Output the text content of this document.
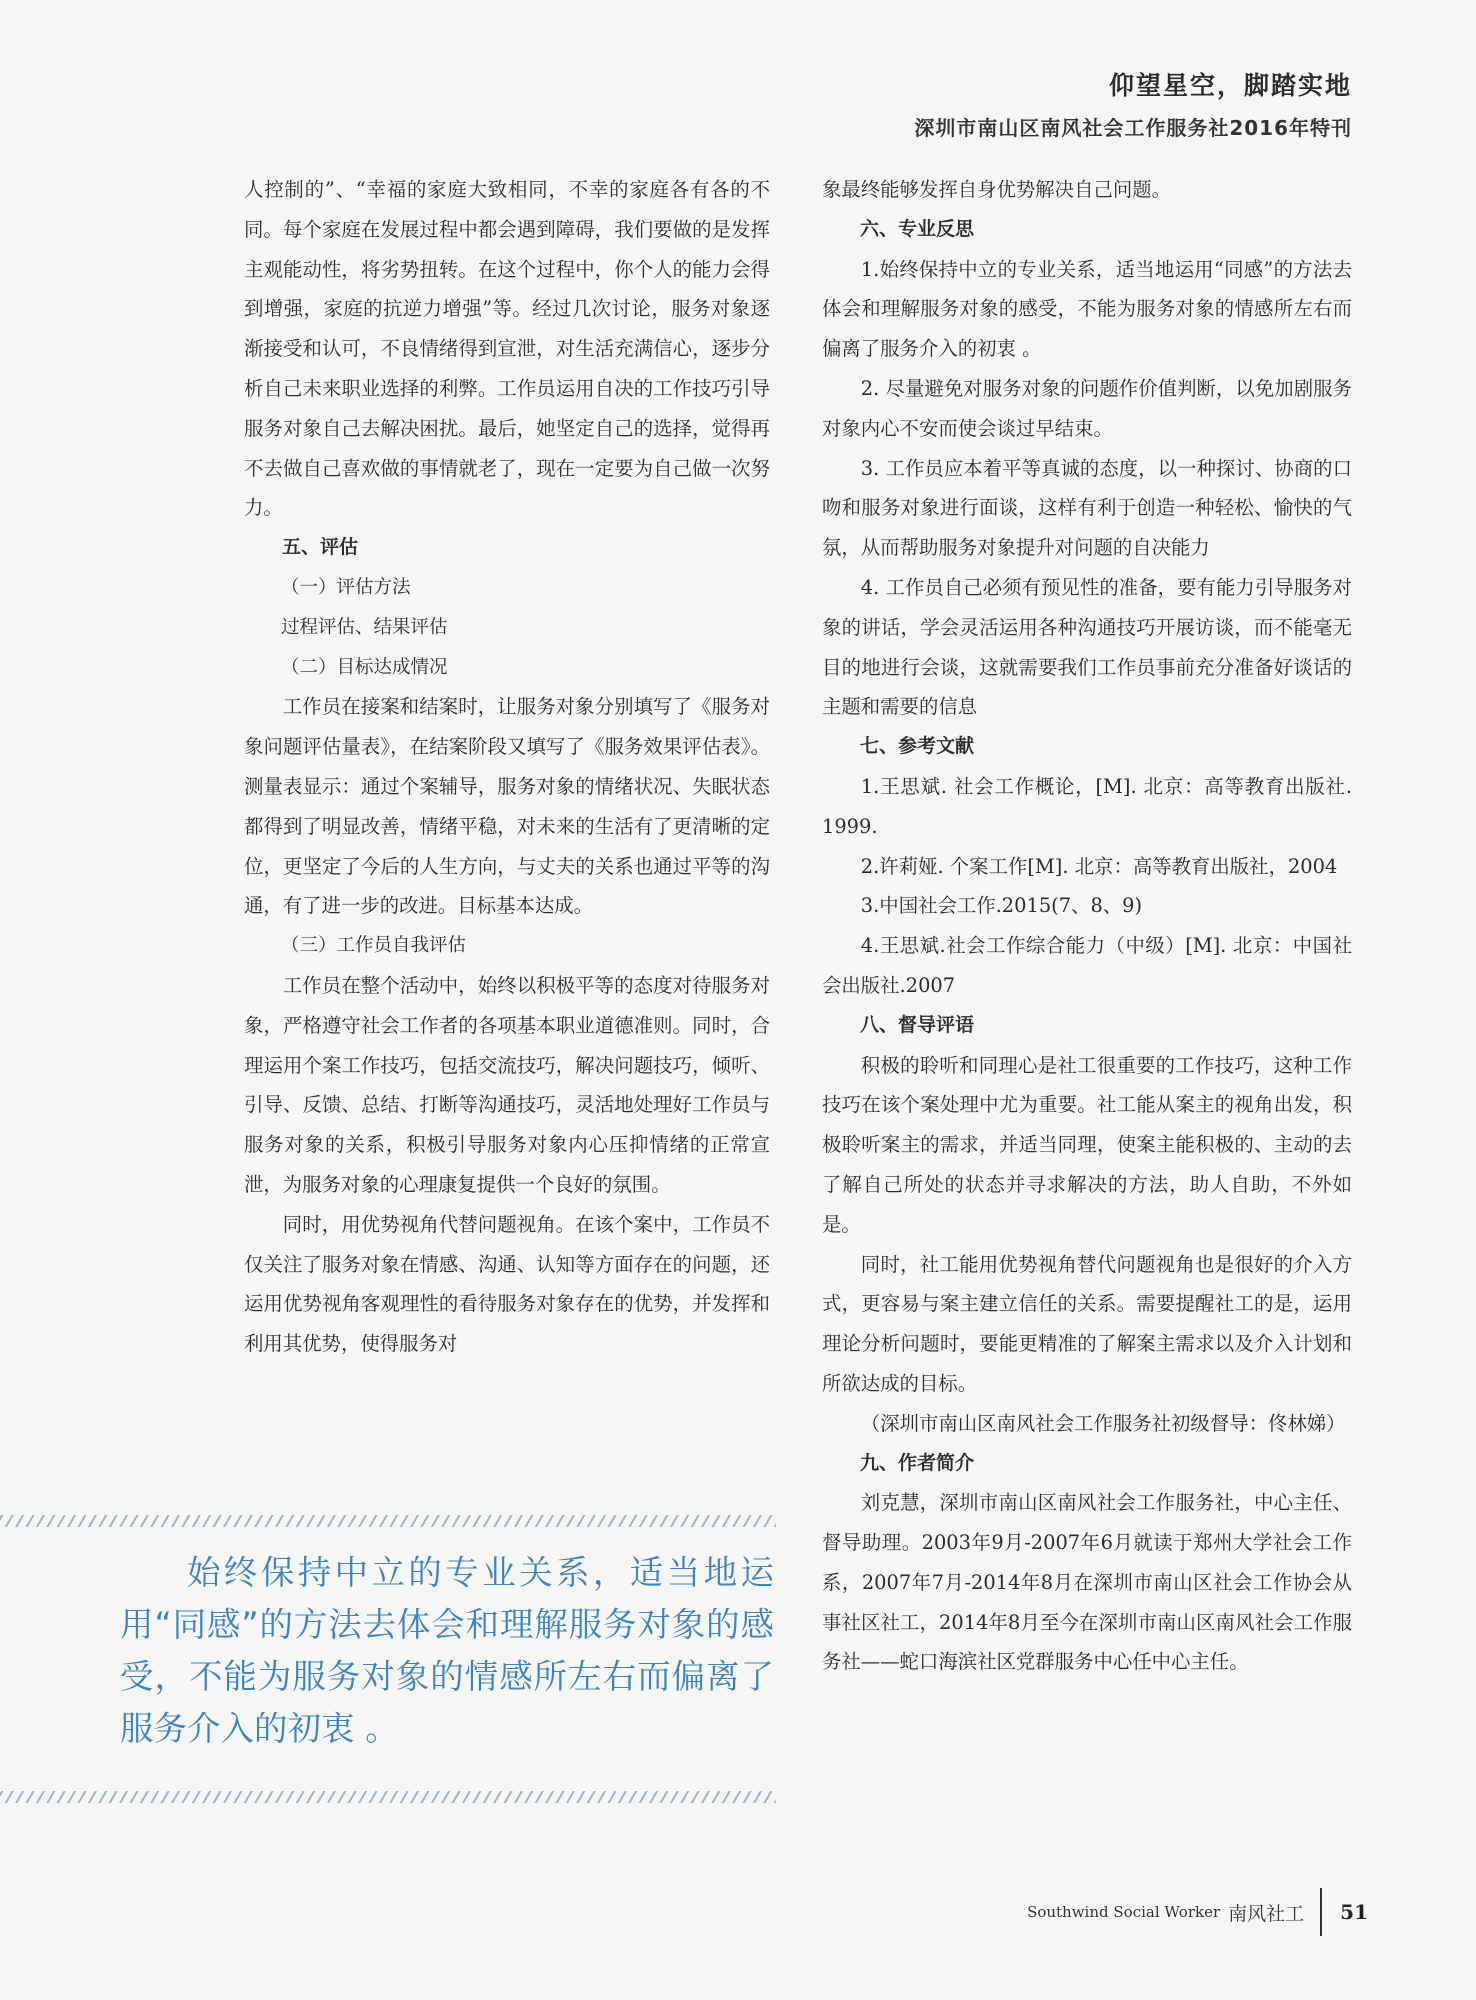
仰望星空，脚踏实地
深圳市南山区南风社会工作服务社2016年特刊

人控制的”、“幸福的家庭大致相同，不幸的家庭各有各的不同。每个家庭在发展过程中都会遇到障碍，我们要做的是发挥主观能动性，将劣势扭转。在这个过程中，你个人的能力会得到增强，家庭的抗逆力增强”等。经过几次讨论，服务对象逐渐接受和认可，不良情绪得到宣泄，对生活充满信心，逐步分析自己未来职业选择的利弊。工作员运用自决的工作技巧引导服务对象自己去解决困扰。最后，她坚定自己的选择，觉得再不去做自己喜欢做的事情就老了，现在一定要为自己做一次努力。

五、评估
（一）评估方法
过程评估、结果评估
（二）目标达成情况

工作员在接案和结案时，让服务对象分别填写了《服务对象问题评估量表》，在结案阶段又填写了《服务效果评估表》。测量表显示：通过个案辅导，服务对象的情绪状况、失眠状态都得到了明显改善，情绪平稳，对未来的生活有了更清晰的定位，更坚定了今后的人生方向，与丈夫的关系也通过平等的沟通，有了进一步的改进。目标基本达成。

（三）工作员自我评估

工作员在整个活动中，始终以积极平等的态度对待服务对象，严格遵守社会工作者的各项基本职业道德准则。同时，合理运用个案工作技巧，包括交流技巧，解决问题技巧，倾听、引导、反馈、总结、打断等沟通技巧，灵活地处理好工作员与服务对象的关系，积极引导服务对象内心压抑情绪的正常宣泄，为服务对象的心理康复提供一个良好的氛围。

同时，用优势视角代替问题视角。在该个案中，工作员不仅关注了服务对象在情感、沟通、认知等方面存在的问题，还运用优势视角客观理性的看待服务对象存在的优势，并发挥和利用其优势，使得服务对

始终保持中立的专业关系，适当地运用“同感”的方法去体会和理解服务对象的感受，不能为服务对象的情感所左右而偏离了服务介入的初衷 。

象最终能够发挥自身优势解决自己问题。

六、专业反思

1.始终保持中立的专业关系，适当地运用“同感”的方法去体会和理解服务对象的感受，不能为服务对象的情感所左右而偏离了服务介入的初衷 。

2. 尽量避免对服务对象的问题作价值判断，以免加剧服务对象内心不安而使会谈过早结束。

3. 工作员应本着平等真诚的态度，以一种探讨、协商的口吻和服务对象进行面谈，这样有利于创造一种轻松、愉快的气氛，从而帮助服务对象提升对问题的自决能力

4. 工作员自己必须有预见性的准备，要有能力引导服务对象的讲话，学会灵活运用各种沟通技巧开展访谈，而不能毫无目的地进行会谈，这就需要我们工作员事前充分准备好谈话的主题和需要的信息

七、参考文献

1.王思斌. 社会工作概论，[M]. 北京：高等教育出版社. 1999.

2.许莉娅. 个案工作[M]. 北京：高等教育出版社，2004

3.中国社会工作.2015(7、8、9)

4.王思斌.社会工作综合能力（中级）[M]. 北京：中国社会出版社.2007

八、督导评语

积极的聆听和同理心是社工很重要的工作技巧，这种工作技巧在该个案处理中尤为重要。社工能从案主的视角出发，积极聆听案主的需求，并适当同理，使案主能积极的、主动的去了解自己所处的状态并寻求解决的方法，助人自助，不外如是。

同时，社工能用优势视角替代问题视角也是很好的介入方式，更容易与案主建立信任的关系。需要提醒社工的是，运用理论分析问题时，要能更精准的了解案主需求以及介入计划和所欲达成的目标。

（深圳市南山区南风社会工作服务社初级督导：佟林娣）

九、作者简介

刘克慧，深圳市南山区南风社会工作服务社，中心主任、督导助理。2003年9月-2007年6月就读于郑州大学社会工作系，2007年7月-2014年8月在深圳市南山区社会工作协会从事社区社工，2014年8月至今在深圳市南山区南风社会工作服务社——蛇口海滨社区党群服务中心任中心主任。

Southwind Social Worker 南风社工 51
